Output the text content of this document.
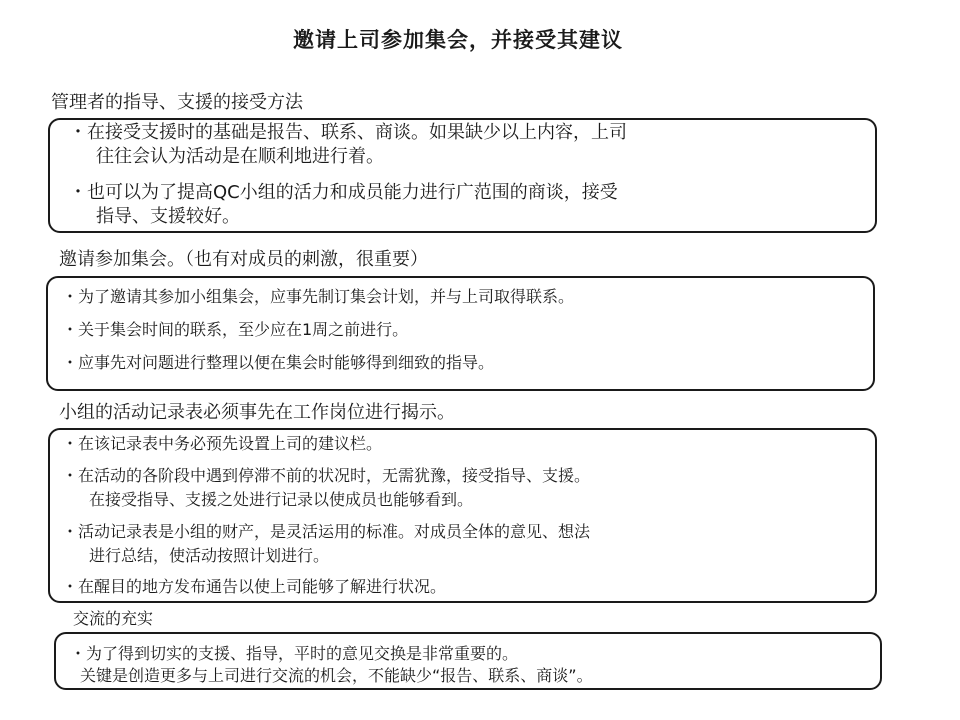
邀请上司参加集会，并接受其建议
管理者的指导、支援的接受方法
・在接受支援时的基础是报告、联系、商谈。如果缺少以上内容，上司
往往会认为活动是在顺利地进行着。
・也可以为了提高QC小组的活力和成员能力进行广范围的商谈，接受
指导、支援较好。
邀请参加集会。（也有对成员的刺激，很重要）
・为了邀请其参加小组集会，应事先制订集会计划，并与上司取得联系。
・关于集会时间的联系，至少应在1周之前进行。
・应事先对问题进行整理以便在集会时能够得到细致的指导。
小组的活动记录表必须事先在工作岗位进行揭示。
・在该记录表中务必预先设置上司的建议栏。
・在活动的各阶段中遇到停滞不前的状况时，无需犹豫，接受指导、支援。
在接受指导、支援之处进行记录以使成员也能够看到。
・活动记录表是小组的财产，是灵活运用的标准。对成员全体的意见、想法
进行总结，使活动按照计划进行。
・在醒目的地方发布通告以使上司能够了解进行状况。
交流的充实
・为了得到切实的支援、指导，平时的意见交换是非常重要的。
关键是创造更多与上司进行交流的机会，不能缺少“报告、联系、商谈”。
